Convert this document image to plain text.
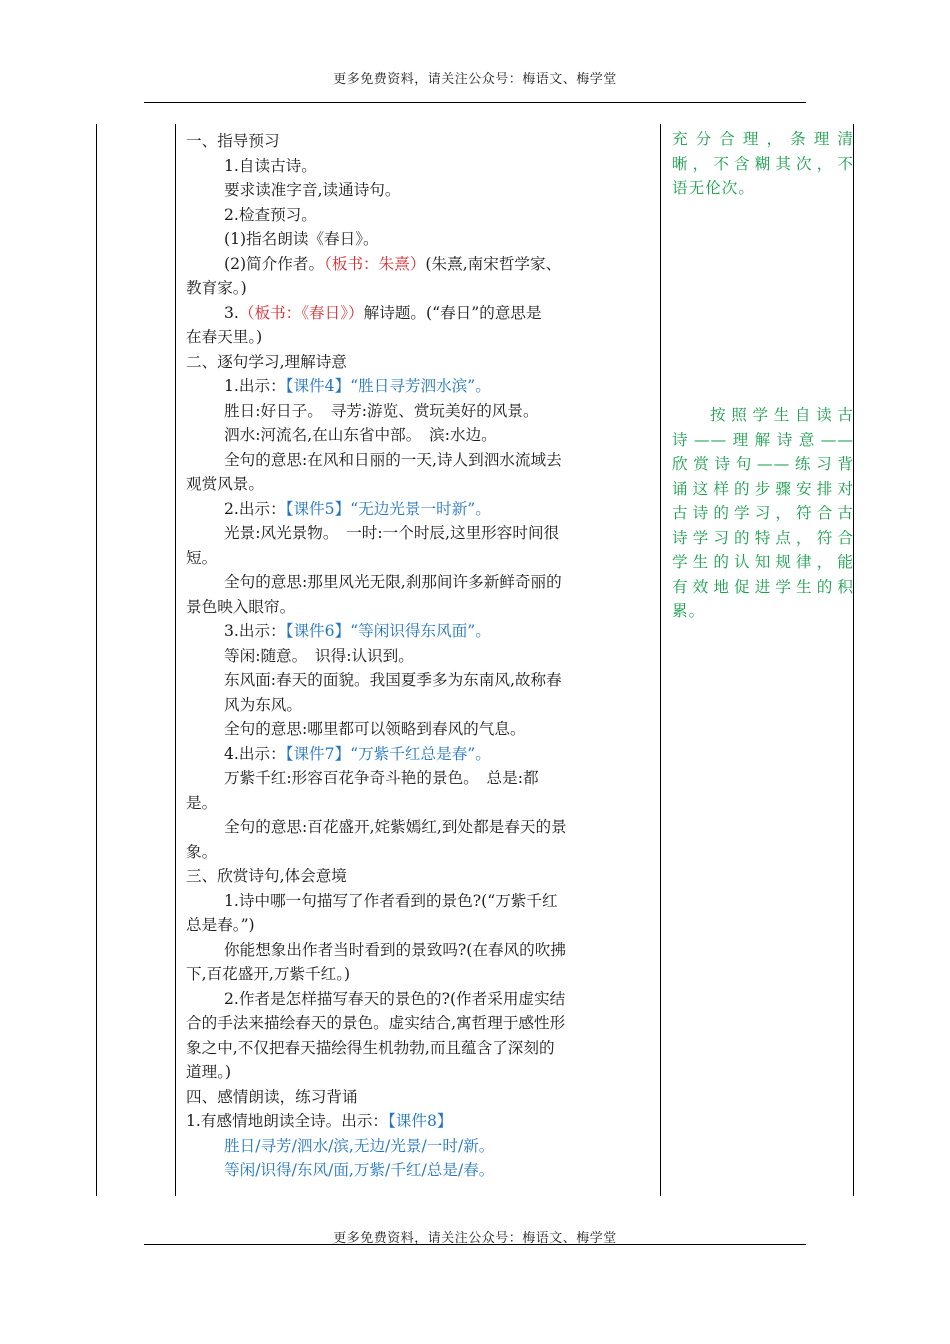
更多免费资料，请关注公众号：梅语文、梅学堂
一、指导预习
1.自读古诗。
要求读准字音,读通诗句。
2.检查预习。
(1)指名朗读《春日》。
(2)简介作者。（板书：朱熹）(朱熹,南宋哲学家、
教育家。)
3.（板书：《春日》）解诗题。(“春日”的意思是
在春天里。)
二、逐句学习,理解诗意
1.出示：【课件4】“胜日寻芳泗水滨”。
胜日:好日子。　寻芳:游览、赏玩美好的风景。
泗水:河流名,在山东省中部。　滨:水边。
全句的意思:在风和日丽的一天,诗人到泗水流域去
观赏风景。
2.出示：【课件5】“无边光景一时新”。
光景:风光景物。　一时:一个时辰,这里形容时间很
短。
全句的意思:那里风光无限,刹那间许多新鲜奇丽的
景色映入眼帘。
3.出示：【课件6】“等闲识得东风面”。
等闲:随意。　识得:认识到。
东风面:春天的面貌。我国夏季多为东南风,故称春
风为东风。
全句的意思:哪里都可以领略到春风的气息。
4.出示：【课件7】“万紫千红总是春”。
万紫千红:形容百花争奇斗艳的景色。　总是:都
是。
全句的意思:百花盛开,姹紫嫣红,到处都是春天的景
象。
三、欣赏诗句,体会意境
1.诗中哪一句描写了作者看到的景色?(“万紫千红
总是春。”)
你能想象出作者当时看到的景致吗?(在春风的吹拂
下,百花盛开,万紫千红。)
2.作者是怎样描写春天的景色的?(作者采用虚实结
合的手法来描绘春天的景色。虚实结合,寓哲理于感性形
象之中,不仅把春天描绘得生机勃勃,而且蕴含了深刻的
道理。)
四、感情朗读，练习背诵
1.有感情地朗读全诗。出示：【课件8】
胜日/寻芳/泗水/滨,无边/光景/一时/新。
等闲/识得/东风/面,万紫/千红/总是/春。
充分合理，条理清
晰，不含糊其次，不
语无伦次。
按照学生自读古
诗——理解诗意——
欣赏诗句——练习背
诵这样的步骤安排对
古诗的学习，符合古
诗学习的特点，符合
学生的认知规律，能
有效地促进学生的积
累。
更多免费资料，请关注公众号：梅语文、梅学堂
